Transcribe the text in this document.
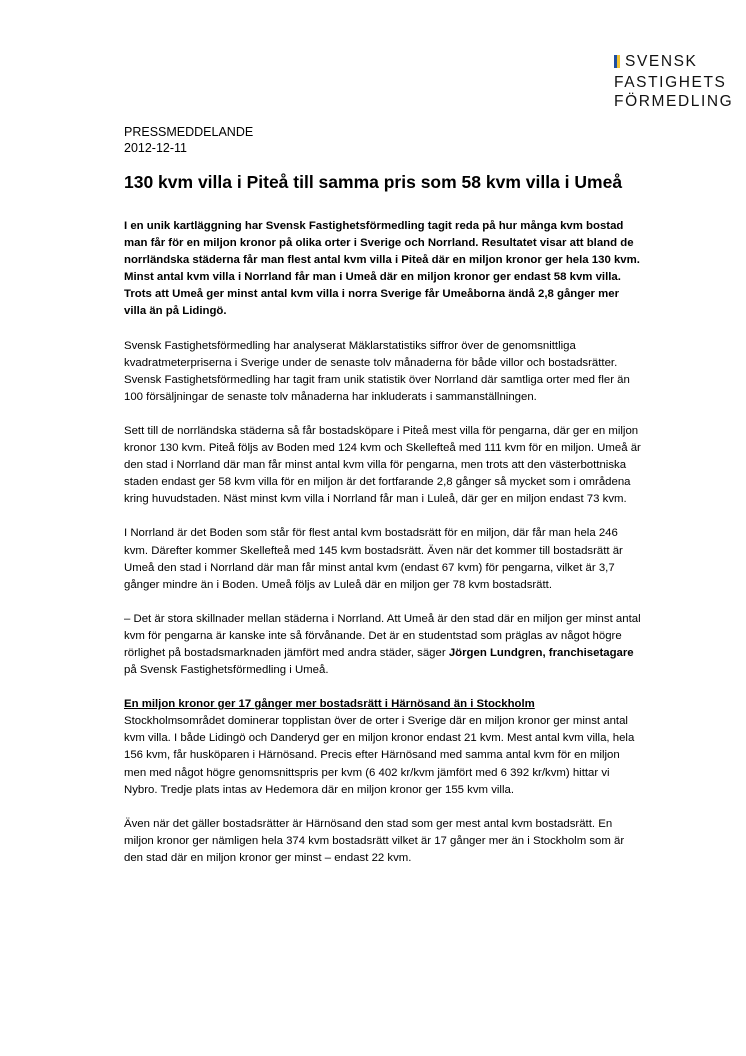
SVENSK
FASTIGHETS
FÖRMEDLING
PRESSMEDDELANDE
2012-12-11
130 kvm villa i Piteå till samma pris som 58 kvm villa i Umeå

I en unik kartläggning har Svensk Fastighetsförmedling tagit reda på hur många kvm bostad man får för en miljon kronor på olika orter i Sverige och Norrland. Resultatet visar att bland de norrländska städerna får man flest antal kvm villa i Piteå där en miljon kronor ger hela 130 kvm. Minst antal kvm villa i Norrland får man i Umeå där en miljon kronor ger endast 58 kvm villa. Trots att Umeå ger minst antal kvm villa i norra Sverige får Umeåborna ändå 2,8 gånger mer villa än på Lidingö.

Svensk Fastighetsförmedling har analyserat Mäklarstatistiks siffror över de genomsnittliga kvadratmeterpriserna i Sverige under de senaste tolv månaderna för både villor och bostadsrätter. Svensk Fastighetsförmedling har tagit fram unik statistik över Norrland där samtliga orter med fler än 100 försäljningar de senaste tolv månaderna har inkluderats i sammanställningen.

Sett till de norrländska städerna så får bostadsköpare i Piteå mest villa för pengarna, där ger en miljon kronor 130 kvm. Piteå följs av Boden med 124 kvm och Skellefteå med 111 kvm för en miljon. Umeå är den stad i Norrland där man får minst antal kvm villa för pengarna, men trots att den västerbottniska staden endast ger 58 kvm villa för en miljon är det fortfarande 2,8 gånger så mycket som i områdena kring huvudstaden. Näst minst kvm villa i Norrland får man i Luleå, där ger en miljon endast 73 kvm.

I Norrland är det Boden som står för flest antal kvm bostadsrätt för en miljon, där får man hela 246 kvm. Därefter kommer Skellefteå med 145 kvm bostadsrätt. Även när det kommer till bostadsrätt är Umeå den stad i Norrland där man får minst antal kvm (endast 67 kvm) för pengarna, vilket är 3,7 gånger mindre än i Boden. Umeå följs av Luleå där en miljon ger 78 kvm bostadsrätt.

– Det är stora skillnader mellan städerna i Norrland. Att Umeå är den stad där en miljon ger minst antal kvm för pengarna är kanske inte så förvånande. Det är en studentstad som präglas av något högre rörlighet på bostadsmarknaden jämfört med andra städer, säger Jörgen Lundgren, franchisetagare på Svensk Fastighetsförmedling i Umeå.

En miljon kronor ger 17 gånger mer bostadsrätt i Härnösand än i Stockholm

Stockholmsområdet dominerar topplistan över de orter i Sverige där en miljon kronor ger minst antal kvm villa. I både Lidingö och Danderyd ger en miljon kronor endast 21 kvm. Mest antal kvm villa, hela 156 kvm, får husköparen i Härnösand. Precis efter Härnösand med samma antal kvm för en miljon men med något högre genomsnittspris per kvm (6 402 kr/kvm jämfört med 6 392 kr/kvm) hittar vi Nybro. Tredje plats intas av Hedemora där en miljon kronor ger 155 kvm villa.

Även när det gäller bostadsrätter är Härnösand den stad som ger mest antal kvm bostadsrätt. En miljon kronor ger nämligen hela 374 kvm bostadsrätt vilket är 17 gånger mer än i Stockholm som är den stad där en miljon kronor ger minst – endast 22 kvm.
